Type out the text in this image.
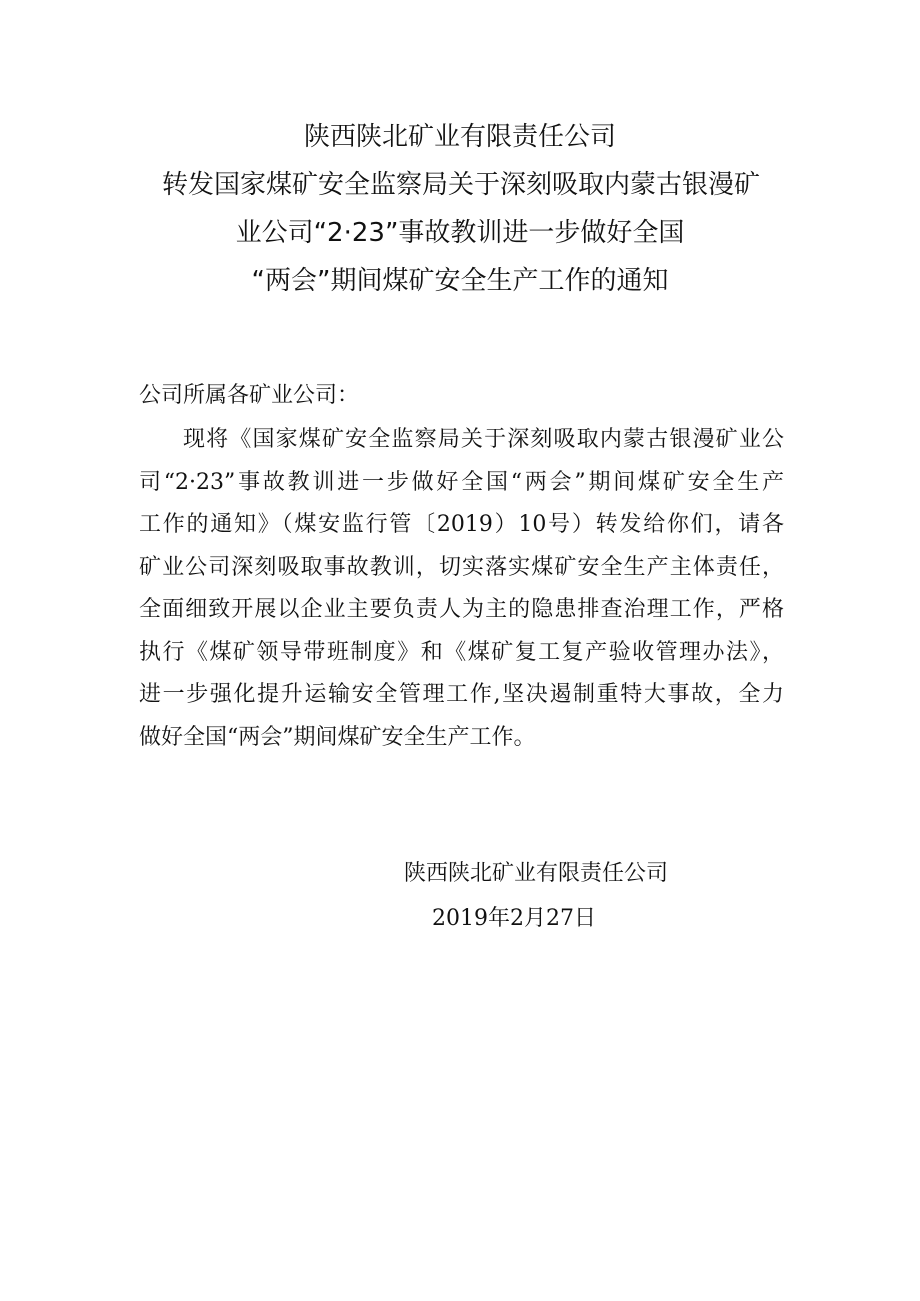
陕西陕北矿业有限责任公司
转发国家煤矿安全监察局关于深刻吸取内蒙古银漫矿
业公司“2·23”事故教训进一步做好全国
“两会”期间煤矿安全生产工作的通知
公司所属各矿业公司：
现将《国家煤矿安全监察局关于深刻吸取内蒙古银漫矿业公
司“2·23”事故教训进一步做好全国“两会”期间煤矿安全生产
工作的通知》（煤安监行管〔2019）10号）转发给你们，请各
矿业公司深刻吸取事故教训，切实落实煤矿安全生产主体责任，
全面细致开展以企业主要负责人为主的隐患排查治理工作，严格
执行《煤矿领导带班制度》和《煤矿复工复产验收管理办法》，
进一步强化提升运输安全管理工作,坚决遏制重特大事故，全力
做好全国“两会”期间煤矿安全生产工作。
陕西陕北矿业有限责任公司
2019年2月27日
